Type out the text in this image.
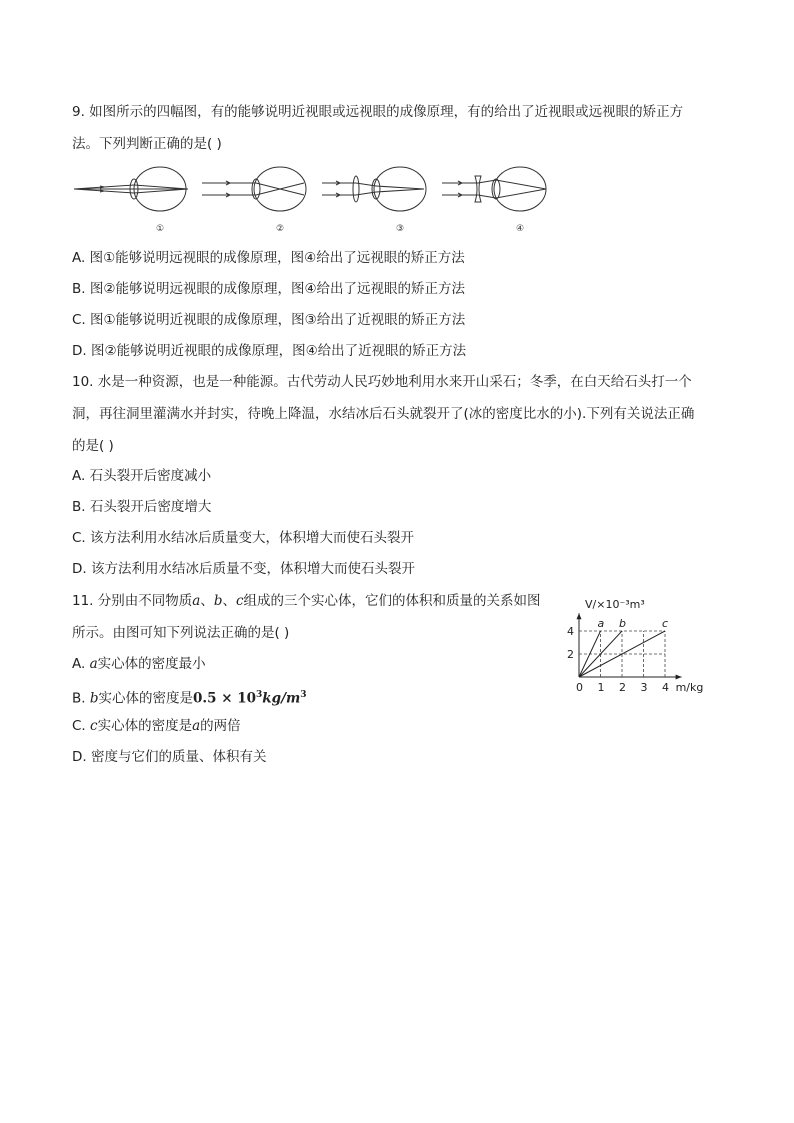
9. 如图所示的四幅图，有的能够说明近视眼或远视眼的成像原理，有的给出了近视眼或远视眼的矫正方
法。下列判断正确的是( )
①	②	③	④
A. 图①能够说明远视眼的成像原理，图④给出了远视眼的矫正方法
B. 图②能够说明远视眼的成像原理，图④给出了远视眼的矫正方法
C. 图①能够说明近视眼的成像原理，图③给出了近视眼的矫正方法
D. 图②能够说明近视眼的成像原理，图④给出了近视眼的矫正方法
10. 水是一种资源，也是一种能源。古代劳动人民巧妙地利用水来开山采石；冬季，在白天给石头打一个
洞，再往洞里灌满水并封实，待晚上降温，水结冰后石头就裂开了(冰的密度比水的小).下列有关说法正确
的是( )
A. 石头裂开后密度减小
B. 石头裂开后密度增大
C. 该方法利用水结冰后质量变大，体积增大而使石头裂开
D. 该方法利用水结冰后质量不变，体积增大而使石头裂开
11. 分别由不同物质a、b、c组成的三个实心体，它们的体积和质量的关系如图
所示。由图可知下列说法正确的是( )
A. a实心体的密度最小
B. b实心体的密度是$0.5 \times 10^3kg/m^3$
C. c实心体的密度是a的两倍
D. 密度与它们的质量、体积有关
0 1 2 3 4
2
4
a b	c
V/×10⁻³m³
m/kg
